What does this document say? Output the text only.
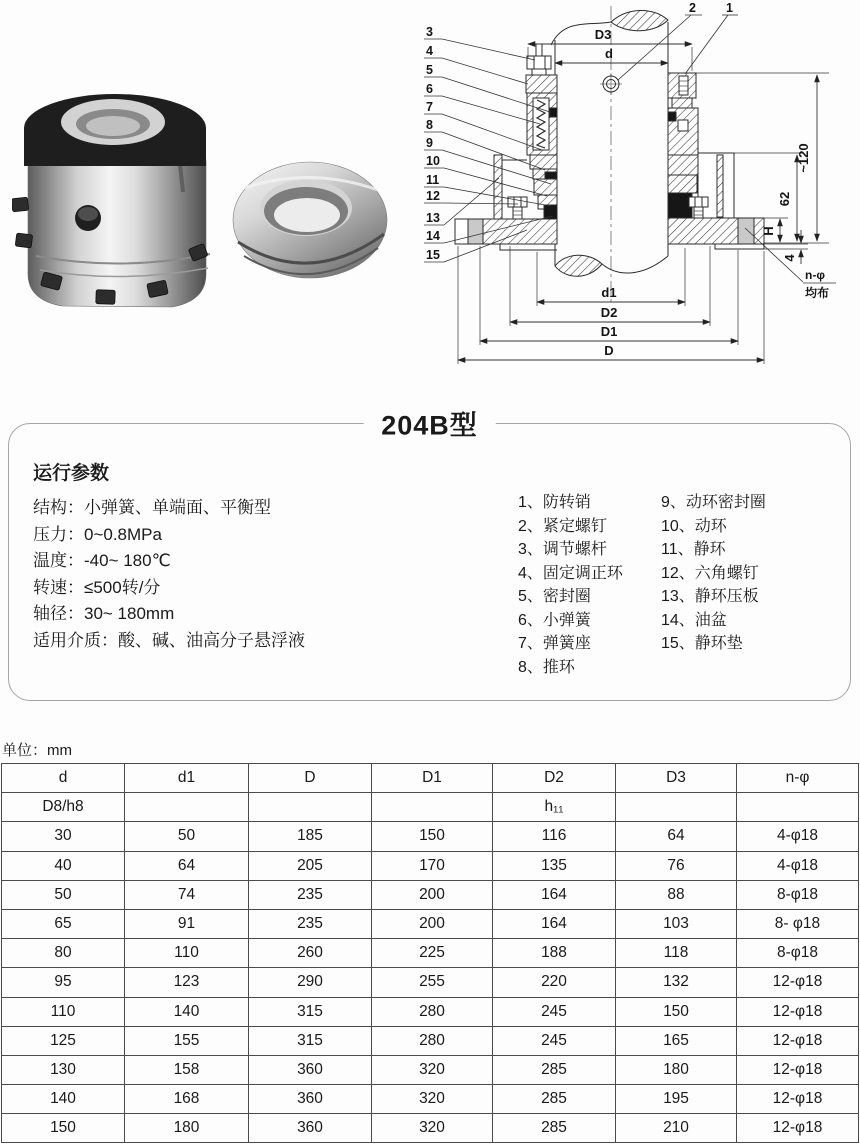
D3
d
d1
D2
D1
D
~120
62
H
4
n-φ
均布
3
4
5
6
7
8
9
10
11
12
13
14
15
2 1
204B型
运行参数
结构：小弹簧、单端面、平衡型
压力：0~0.8MPa
温度：-40~ 180℃
转速：≤500转/分
轴径：30~ 180mm
适用介质：酸、碱、油高分子悬浮液
1、防转销
2、紧定螺钉
3、调节螺杆
4、固定调正环
5、密封圈
6、小弹簧
7、弹簧座
8、推环
9、动环密封圈
10、动环
11、静环
12、六角螺钉
13、静环压板
14、油盆
15、静环垫
单位：mm
d	d1	D	D1	D2	D3	n-φ
D8/h8				h₁₁		
30	50	185	150	116	64	4-φ18
40	64	205	170	135	76	4-φ18
50	74	235	200	164	88	8-φ18
65	91	235	200	164	103	8- φ18
80	110	260	225	188	118	8-φ18
95	123	290	255	220	132	12-φ18
110	140	315	280	245	150	12-φ18
125	155	315	280	245	165	12-φ18
130	158	360	320	285	180	12-φ18
140	168	360	320	285	195	12-φ18
150	180	360	320	285	210	12-φ18
